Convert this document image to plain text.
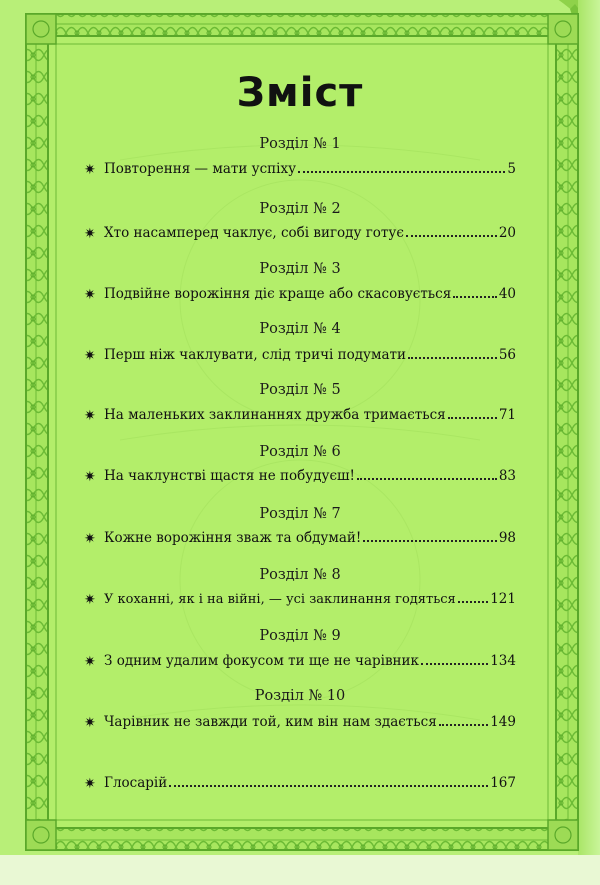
Зміст
Розділ № 1
✷ Повторення — мати успіху	5
Розділ № 2
✷ Хто насамперед чаклує, собі вигоду готує	20
Розділ № 3
✷ Подвійне ворожіння діє краще або скасовується	40
Розділ № 4
✷ Перш ніж чаклувати, слід тричі подумати	56
Розділ № 5
✷ На маленьких заклинаннях дружба тримається	71
Розділ № 6
✷ На чаклунстві щастя не побудуєш!	83
Розділ № 7
✷ Кожне ворожіння зваж та обдумай!	98
Розділ № 8
✷ У коханні, як і на війні, — усі заклинання годяться	121
Розділ № 9
✷ З одним удалим фокусом ти ще не чарівник	134
Розділ № 10
✷ Чарівник не завжди той, ким він нам здається	149
✷ Глосарій	167
